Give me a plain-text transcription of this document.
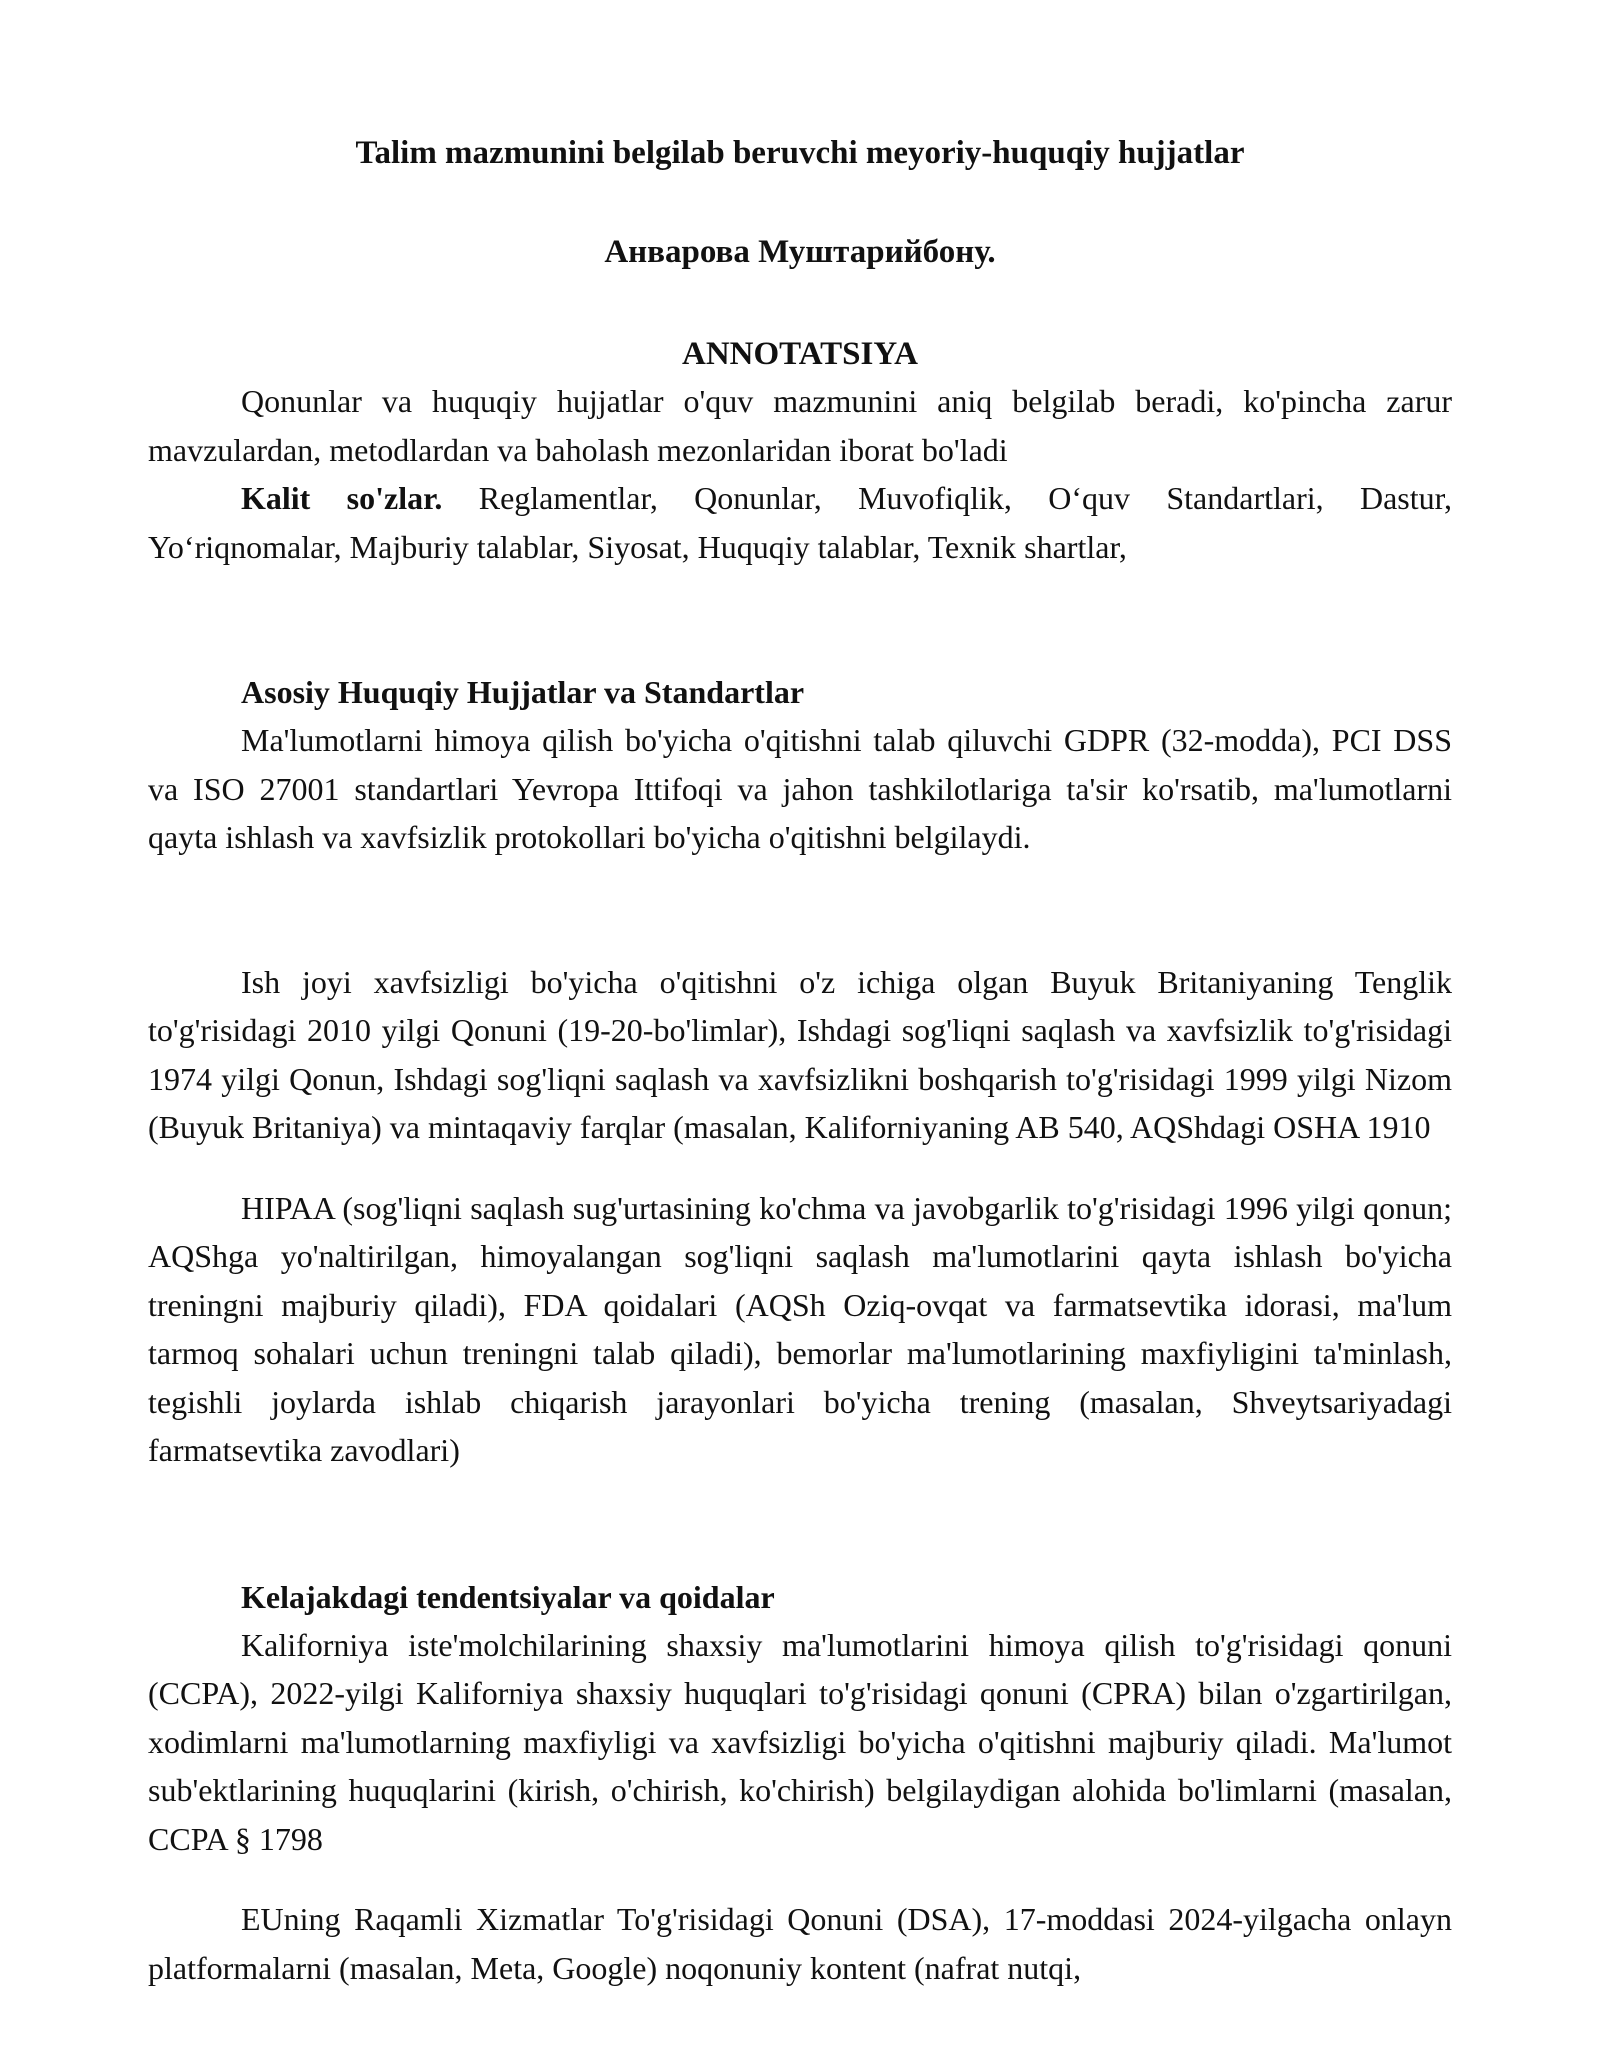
Talim mazmunini belgilab beruvchi meyoriy-huquqiy hujjatlar
Анварова Муштарийбону.
ANNOTATSIYA

Qonunlar va huquqiy hujjatlar o'quv mazmunini aniq belgilab beradi, ko'pincha zarur mavzulardan, metodlardan va baholash mezonlaridan iborat bo'ladi

Kalit so'zlar. Reglamentlar, Qonunlar, Muvofiqlik, O‘quv Standartlari, Dastur, Yo‘riqnomalar, Majburiy talablar, Siyosat, Huquqiy talablar, Texnik shartlar,

Asosiy Huquqiy Hujjatlar va Standartlar

Ma'lumotlarni himoya qilish bo'yicha o'qitishni talab qiluvchi GDPR (32-modda), PCI DSS va ISO 27001 standartlari Yevropa Ittifoqi va jahon tashkilotlariga ta'sir ko'rsatib, ma'lumotlarni qayta ishlash va xavfsizlik protokollari bo'yicha o'qitishni belgilaydi.

Ish joyi xavfsizligi bo'yicha o'qitishni o'z ichiga olgan Buyuk Britaniyaning Tenglik to'g'risidagi 2010 yilgi Qonuni (19-20-bo'limlar), Ishdagi sog'liqni saqlash va xavfsizlik to'g'risidagi 1974 yilgi Qonun, Ishdagi sog'liqni saqlash va xavfsizlikni boshqarish to'g'risidagi 1999 yilgi Nizom (Buyuk Britaniya) va mintaqaviy farqlar (masalan, Kaliforniyaning AB 540, AQShdagi OSHA 1910

HIPAA (sog'liqni saqlash sug'urtasining ko'chma va javobgarlik to'g'risidagi 1996 yilgi qonun; AQShga yo'naltirilgan, himoyalangan sog'liqni saqlash ma'lumotlarini qayta ishlash bo'yicha treningni majburiy qiladi), FDA qoidalari (AQSh Oziq-ovqat va farmatsevtika idorasi, ma'lum tarmoq sohalari uchun treningni talab qiladi), bemorlar ma'lumotlarining maxfiyligini ta'minlash, tegishli joylarda ishlab chiqarish jarayonlari bo'yicha trening (masalan, Shveytsariyadagi farmatsevtika zavodlari)

Kelajakdagi tendentsiyalar va qoidalar

Kaliforniya iste'molchilarining shaxsiy ma'lumotlarini himoya qilish to'g'risidagi qonuni (CCPA), 2022-yilgi Kaliforniya shaxsiy huquqlari to'g'risidagi qonuni (CPRA) bilan o'zgartirilgan, xodimlarni ma'lumotlarning maxfiyligi va xavfsizligi bo'yicha o'qitishni majburiy qiladi. Ma'lumot sub'ektlarining huquqlarini (kirish, o'chirish, ko'chirish) belgilaydigan alohida bo'limlarni (masalan, CCPA § 1798

EUning Raqamli Xizmatlar To'g'risidagi Qonuni (DSA), 17-moddasi 2024-yilgacha onlayn platformalarni (masalan, Meta, Google) noqonuniy kontent (nafrat nutqi,
